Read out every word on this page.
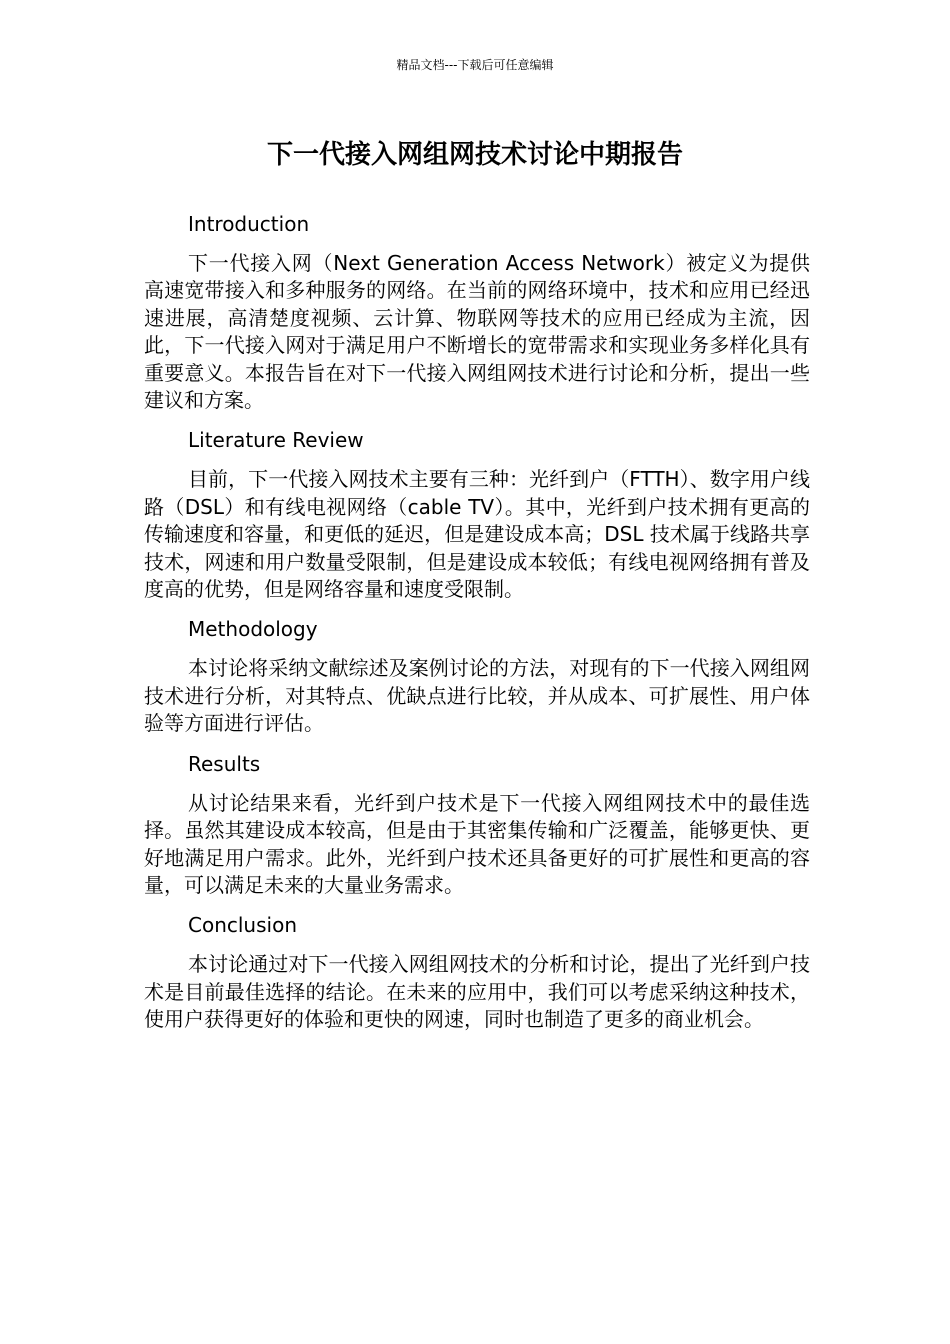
精品文档---下载后可任意编辑
下一代接入网组网技术讨论中期报告
Introduction

下一代接入网（Next Generation Access Network）被定义为提供高速宽带接入和多种服务的网络。在当前的网络环境中，技术和应用已经迅速进展，高清楚度视频、云计算、物联网等技术的应用已经成为主流，因此，下一代接入网对于满足用户不断增长的宽带需求和实现业务多样化具有重要意义。本报告旨在对下一代接入网组网技术进行讨论和分析，提出一些建议和方案。

Literature Review

目前，下一代接入网技术主要有三种：光纤到户（FTTH）、数字用户线路（DSL）和有线电视网络（cable TV）。其中，光纤到户技术拥有更高的传输速度和容量，和更低的延迟，但是建设成本高；DSL 技术属于线路共享技术，网速和用户数量受限制，但是建设成本较低；有线电视网络拥有普及度高的优势，但是网络容量和速度受限制。

Methodology

本讨论将采纳文献综述及案例讨论的方法，对现有的下一代接入网组网技术进行分析，对其特点、优缺点进行比较，并从成本、可扩展性、用户体验等方面进行评估。

Results

从讨论结果来看，光纤到户技术是下一代接入网组网技术中的最佳选择。虽然其建设成本较高，但是由于其密集传输和广泛覆盖，能够更快、更好地满足用户需求。此外，光纤到户技术还具备更好的可扩展性和更高的容量，可以满足未来的大量业务需求。

Conclusion

本讨论通过对下一代接入网组网技术的分析和讨论，提出了光纤到户技术是目前最佳选择的结论。在未来的应用中，我们可以考虑采纳这种技术，使用户获得更好的体验和更快的网速，同时也制造了更多的商业机会。
